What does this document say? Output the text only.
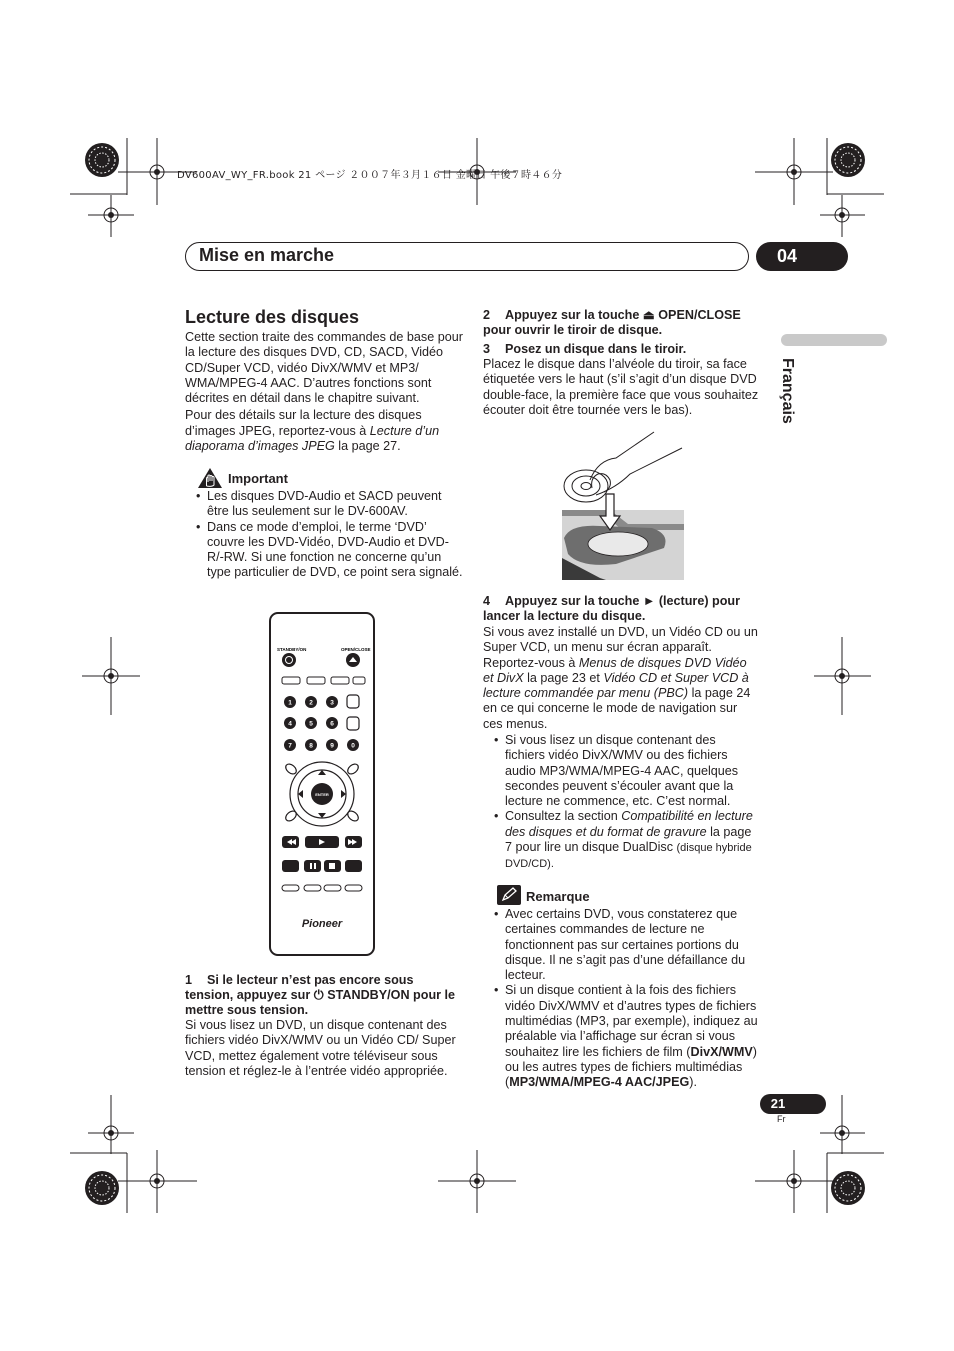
DV600AV_WY_FR.book 21 ページ ２００７年３月１６日 金曜日 午後７時４６分
Mise en marche	04
Français
Lecture des disques

Cette section traite des commandes de base pour la lecture des disques DVD, CD, SACD, Vidéo CD/Super VCD, vidéo DivX/WMV et MP3/ WMA/MPEG-4 AAC. D’autres fonctions sont décrites en détail dans le chapitre suivant.

Pour des détails sur la lecture des disques d’images JPEG, reportez-vous à Lecture d’un diaporama d’images JPEG la page 27.

Important
• Les disques DVD-Audio et SACD peuvent être lus seulement sur le DV-600AV.
• Dans ce mode d’emploi, le terme ‘DVD’ couvre les DVD-Vidéo, DVD-Audio et DVD-R/-RW. Si une fonction ne concerne qu’un type particulier de DVD, ce point sera signalé.
STANDBY/ON	OPEN/CLOSE
1	2	3
4	5	6
7	8	9	0
ENTER
Pioneer
1 Si le lecteur n’est pas encore sous tension, appuyez sur ⏻ STANDBY/ON pour le mettre sous tension.
Si vous lisez un DVD, un disque contenant des fichiers vidéo DivX/WMV ou un Vidéo CD/ Super VCD, mettez également votre téléviseur sous tension et réglez-le à l’entrée vidéo appropriée.
2 Appuyez sur la touche ⏏ OPEN/CLOSE pour ouvrir le tiroir de disque.
3 Posez un disque dans le tiroir.
Placez le disque dans l’alvéole du tiroir, sa face étiquetée vers le haut (s’il s’agit d’un disque DVD double-face, la première face que vous souhaitez écouter doit être tournée vers le bas).
4 Appuyez sur la touche ► (lecture) pour lancer la lecture du disque.
Si vous avez installé un DVD, un Vidéo CD ou un Super VCD, un menu sur écran apparaît. Reportez-vous à Menus de disques DVD Vidéo et DivX la page 23 et Vidéo CD et Super VCD à lecture commandée par menu (PBC) la page 24 en ce qui concerne le mode de navigation sur ces menus.
• Si vous lisez un disque contenant des fichiers vidéo DivX/WMV ou des fichiers audio MP3/WMA/MPEG-4 AAC, quelques secondes peuvent s’écouler avant que la lecture ne commence, etc. C’est normal.
• Consultez la section Compatibilité en lecture des disques et du format de gravure la page 7 pour lire un disque DualDisc (disque hybride DVD/CD).
Remarque
• Avec certains DVD, vous constaterez que certaines commandes de lecture ne fonctionnent pas sur certaines portions du disque. Il ne s’agit pas d’une défaillance du lecteur.
• Si un disque contient à la fois des fichiers vidéo DivX/WMV et d’autres types de fichiers multimédias (MP3, par exemple), indiquez au préalable via l’affichage sur écran si vous souhaitez lire les fichiers de film (DivX/WMV) ou les autres types de fichiers multimédias (MP3/WMA/MPEG-4 AAC/JPEG).
21
Fr
